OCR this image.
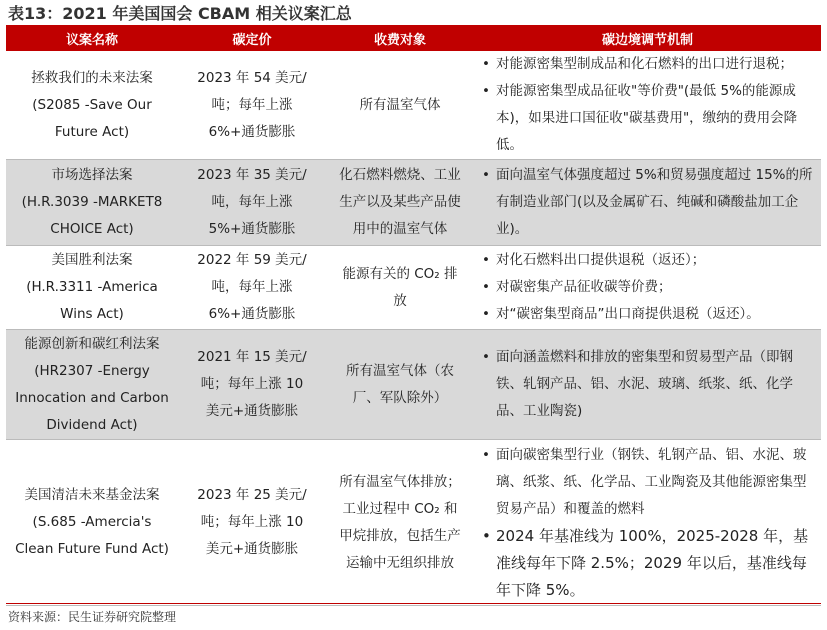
表13：2021 年美国国会 CBAM 相关议案汇总
议案名称	碳定价	收费对象	碳边境调节机制

拯救我们的未来法案
(S2085 -Save Our
Future Act)	2023 年 54 美元/
吨；每年上涨
6%+通货膨胀	所有温室气体	• 对能源密集型制成品和化石燃料的出口进行退税；
• 对能源密集型成品征收"等价费"(最低 5%的能源成本)，如果进口国征收"碳基费用"，缴纳的费用会降低。

市场选择法案
(H.R.3039 -MARKET8
CHOICE Act)	2023 年 35 美元/
吨，每年上涨
5%+通货膨胀	化石燃料燃烧、工业
生产以及某些产品使
用中的温室气体	• 面向温室气体强度超过 5%和贸易强度超过 15%的所有制造业部门(以及金属矿石、纯碱和磷酸盐加工企业)。

美国胜利法案
(H.R.3311 -America
Wins Act)	2022 年 59 美元/
吨，每年上涨
6%+通货膨胀	能源有关的 CO₂ 排
放	• 对化石燃料出口提供退税（返还）；
• 对碳密集产品征收碳等价费；
• 对“碳密集型商品”出口商提供退税（返还）。

能源创新和碳红利法案
(HR2307 -Energy
Innocation and Carbon
Dividend Act)	2021 年 15 美元/
吨；每年上涨 10
美元+通货膨胀	所有温室气体（农
厂、军队除外）	• 面向涵盖燃料和排放的密集型和贸易型产品（即钢铁、轧钢产品、铝、水泥、玻璃、纸浆、纸、化学品、工业陶瓷)

美国清洁未来基金法案
(S.685 -Amercia's
Clean Future Fund Act)	2023 年 25 美元/
吨；每年上涨 10
美元+通货膨胀	所有温室气体排放；
工业过程中 CO₂ 和
甲烷排放，包括生产
运输中无组织排放	• 面向碳密集型行业（钢铁、轧钢产品、铝、水泥、玻璃、纸浆、纸、化学品、工业陶瓷及其他能源密集型贸易产品）和覆盖的燃料
• 2024 年基准线为 100%，2025-2028 年，基准线每年下降 2.5%；2029 年以后，基准线每年下降 5%。
资料来源：民生证券研究院整理
